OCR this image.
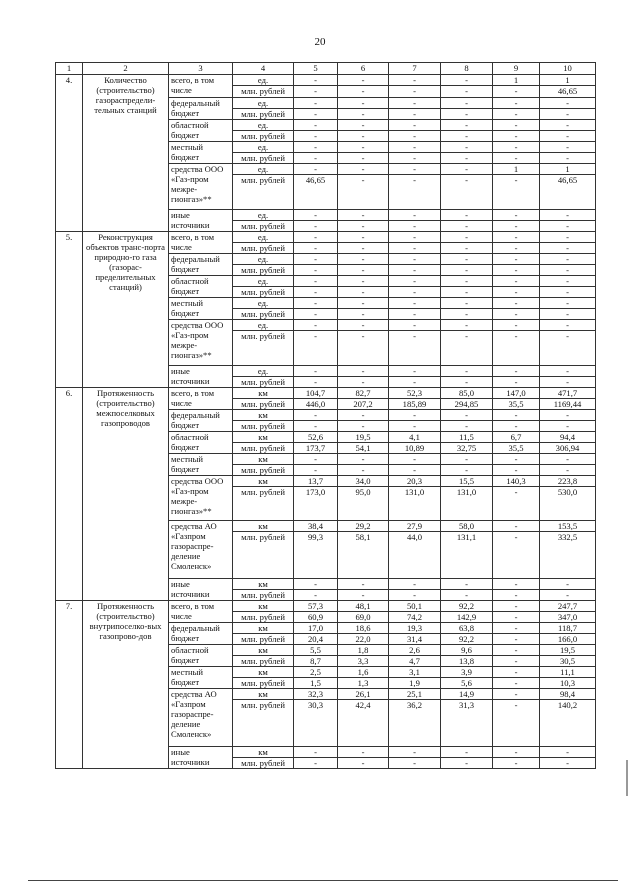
20
1	2	3	4	5	6	7	8	9	10
4.	Количество (строительство) газораспредели-тельных станций	всего, в том числе	ед.	-	-	-	-	1	1
			млн. рублей	-	-	-	-	-	46,65
		федеральный бюджет	ед.	-	-	-	-	-	-
			млн. рублей	-	-	-	-	-	-
		областной бюджет	ед.	-	-	-	-	-	-
			млн. рублей	-	-	-	-	-	-
		местный бюджет	ед.	-	-	-	-	-	-
			млн. рублей	-	-	-	-	-	-
		средства ООО «Газ-пром межре-гионгаз»**	ед.	-	-	-	-	1	1
			млн. рублей	46,65	-	-	-	-	46,65
		иные источники	ед.	-	-	-	-	-	-
			млн. рублей	-	-	-	-	-	-
5.	Реконструкция объектов транс-порта природно-го газа (газорас-пределительных станций)	всего, в том числе	ед.	-	-	-	-	-	-
			млн. рублей	-	-	-	-	-	-
		федеральный бюджет	ед.	-	-	-	-	-	-
			млн. рублей	-	-	-	-	-	-
		областной бюджет	ед.	-	-	-	-	-	-
			млн. рублей	-	-	-	-	-	-
		местный бюджет	ед.	-	-	-	-	-	-
			млн. рублей	-	-	-	-	-	-
		средства ООО «Газ-пром межре-гионгаз»**	ед.	-	-	-	-	-	-
			млн. рублей	-	-	-	-	-	-
		иные источники	ед.	-	-	-	-	-	-
			млн. рублей	-	-	-	-	-	-
6.	Протяженность (строительство) межпоселковых газопроводов	всего, в том числе	км	104,7	82,7	52,3	85,0	147,0	471,7
			млн. рублей	446,0	207,2	185,89	294,85	35,5	1169,44
		федеральный бюджет	км	-	-	-	-	-	-
			млн. рублей	-	-	-	-	-	-
		областной бюджет	км	52,6	19,5	4,1	11,5	6,7	94,4
			млн. рублей	173,7	54,1	10,89	32,75	35,5	306,94
		местный бюджет	км	-	-	-	-	-	-
			млн. рублей	-	-	-	-	-	-
		средства ООО «Газ-пром межре-гионгаз»**	км	13,7	34,0	20,3	15,5	140,3	223,8
			млн. рублей	173,0	95,0	131,0	131,0	-	530,0
		средства АО «Газпром газораспре-деление Смоленск»	км	38,4	29,2	27,9	58,0	-	153,5
			млн. рублей	99,3	58,1	44,0	131,1	-	332,5
		иные источники	км	-	-	-	-	-	-
			млн. рублей	-	-	-	-	-	-
7.	Протяженность (строительство) внутрипоселко-вых газопрово-дов	всего, в том числе	км	57,3	48,1	50,1	92,2	-	247,7
			млн. рублей	60,9	69,0	74,2	142,9	-	347,0
		федеральный бюджет	км	17,0	18,6	19,3	63,8	-	118,7
			млн. рублей	20,4	22,0	31,4	92,2	-	166,0
		областной бюджет	км	5,5	1,8	2,6	9,6	-	19,5
			млн. рублей	8,7	3,3	4,7	13,8	-	30,5
		местный бюджет	км	2,5	1,6	3,1	3,9	-	11,1
			млн. рублей	1,5	1,3	1,9	5,6	-	10,3
		средства АО «Газпром газораспре-деление Смоленск»	км	32,3	26,1	25,1	14,9	-	98,4
			млн. рублей	30,3	42,4	36,2	31,3	-	140,2
		иные источники	км	-	-	-	-	-	-
			млн. рублей	-	-	-	-	-	-
